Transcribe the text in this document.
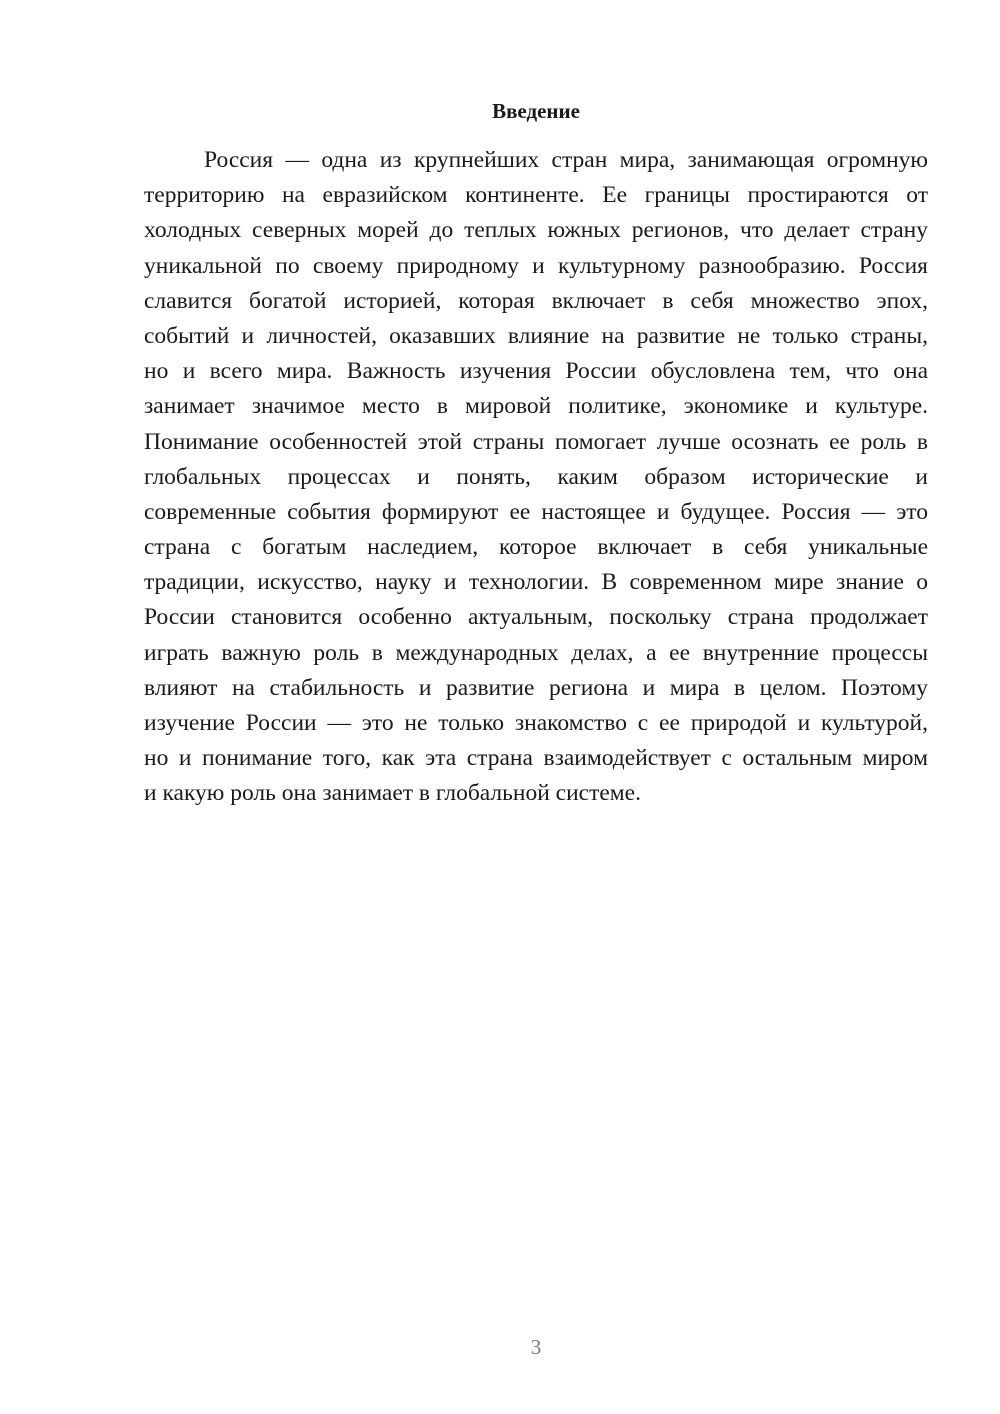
Введение
Россия — одна из крупнейших стран мира, занимающая огромную
территорию на евразийском континенте. Ее границы простираются от
холодных северных морей до теплых южных регионов, что делает страну
уникальной по своему природному и культурному разнообразию. Россия
славится богатой историей, которая включает в себя множество эпох,
событий и личностей, оказавших влияние на развитие не только страны,
но и всего мира. Важность изучения России обусловлена тем, что она
занимает значимое место в мировой политике, экономике и культуре.
Понимание особенностей этой страны помогает лучше осознать ее роль в
глобальных процессах и понять, каким образом исторические и
современные события формируют ее настоящее и будущее. Россия — это
страна с богатым наследием, которое включает в себя уникальные
традиции, искусство, науку и технологии. В современном мире знание о
России становится особенно актуальным, поскольку страна продолжает
играть важную роль в международных делах, а ее внутренние процессы
влияют на стабильность и развитие региона и мира в целом. Поэтому
изучение России — это не только знакомство с ее природой и культурой,
но и понимание того, как эта страна взаимодействует с остальным миром
и какую роль она занимает в глобальной системе.
3
